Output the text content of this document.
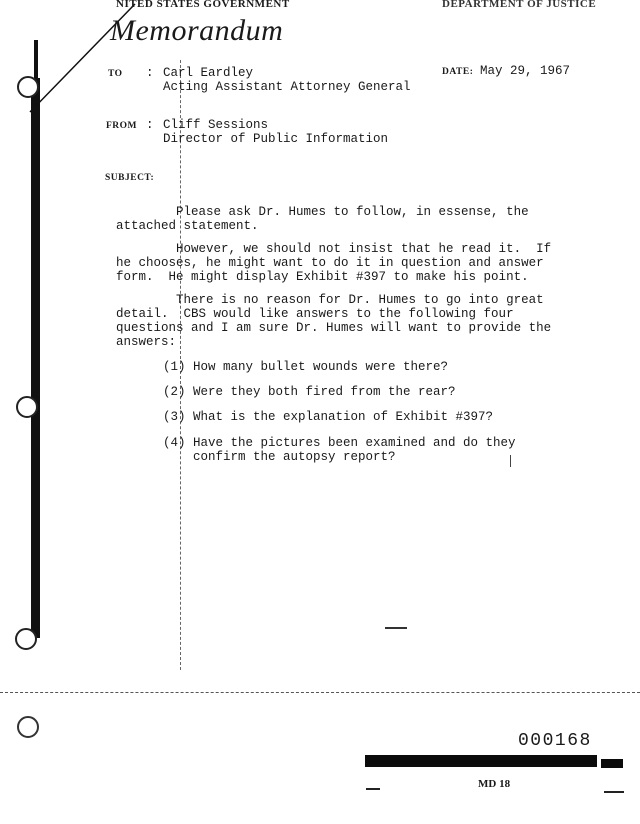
NITED STATES GOVERNMENT	DEPARTMENT OF JUSTICE
Memorandum
TO : Carl Eardley
Acting Assistant Attorney General
DATE: May 29, 1967
FROM : Cliff Sessions
Director of Public Information
SUBJECT:
Please ask Dr. Humes to follow, in essense, the
attached statement.
However, we should not insist that he read it.  If
he chooses, he might want to do it in question and answer
form.  He might display Exhibit #397 to make his point.
There is no reason for Dr. Humes to go into great
detail.  CBS would like answers to the following four
questions and I am sure Dr. Humes will want to provide the
answers:
(1) How many bullet wounds were there?
(2) Were they both fired from the rear?
(3) What is the explanation of Exhibit #397?
(4) Have the pictures been examined and do they
confirm the autopsy report?
000168
MD 18
